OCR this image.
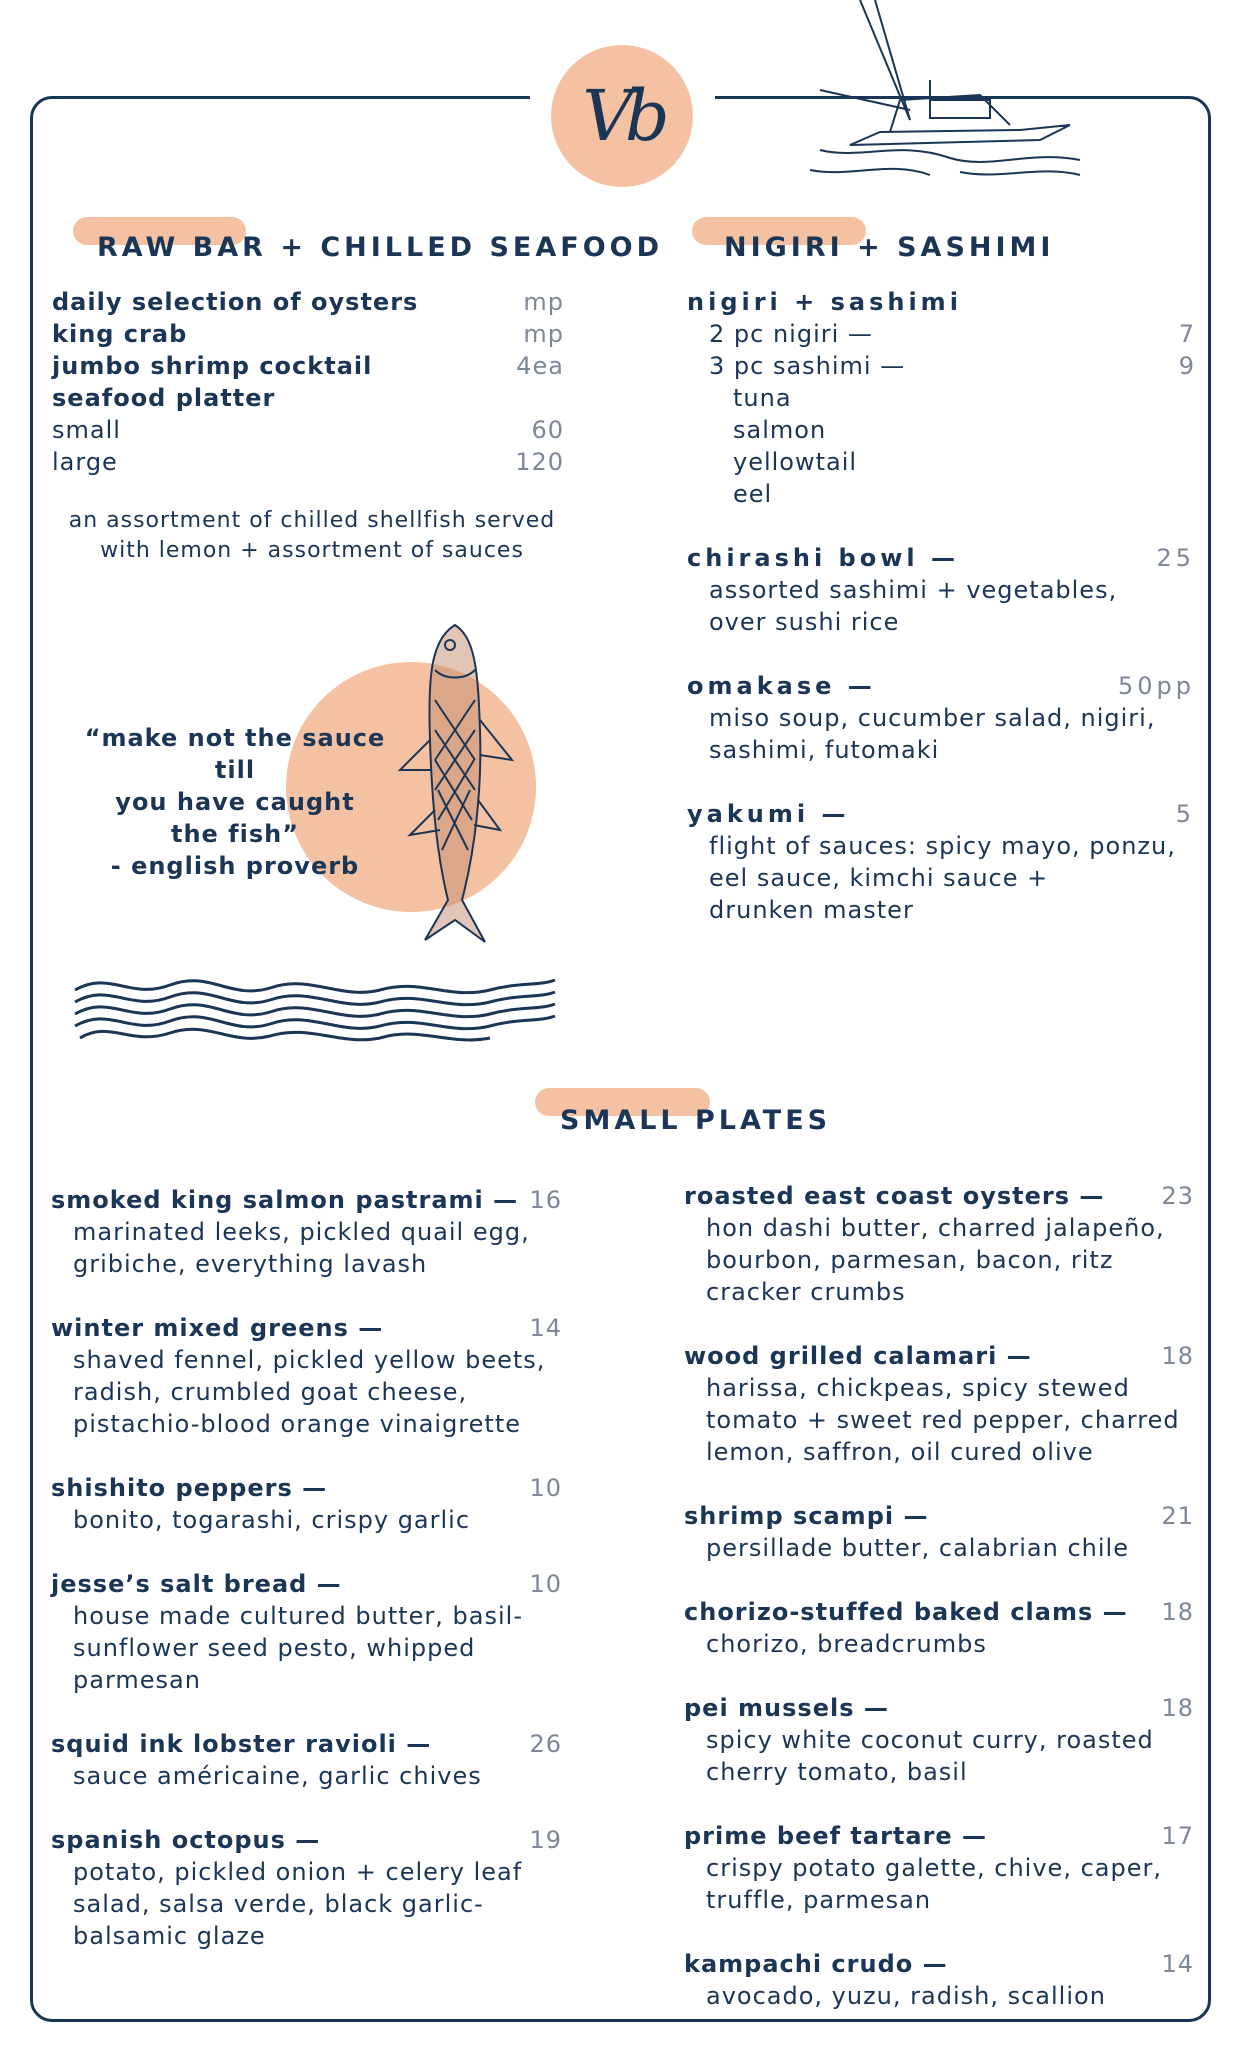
Vb
RAW BAR + CHILLED SEAFOOD
daily selection of oysters	mp
king crab	mp
jumbo shrimp cocktail	4ea
seafood platter
small	60
large	120
an assortment of chilled shellfish served
with lemon + assortment of sauces
“make not the sauce till
you have caught
the fish”
- english proverb
NIGIRI + SASHIMI
nigiri + sashimi
2 pc nigiri —	7
3 pc sashimi —	9
tuna
salmon
yellowtail
eel
chirashi bowl —	25
assorted sashimi + vegetables,
over sushi rice
omakase —	50pp
miso soup, cucumber salad, nigiri,
sashimi, futomaki
yakumi —	5
flight of sauces: spicy mayo, ponzu,
eel sauce, kimchi sauce +
drunken master
SMALL PLATES
smoked king salmon pastrami — 16
marinated leeks, pickled quail egg,
gribiche, everything lavash
winter mixed greens —	14
shaved fennel, pickled yellow beets,
radish, crumbled goat cheese,
pistachio-blood orange vinaigrette
shishito peppers —	10
bonito, togarashi, crispy garlic
jesse’s salt bread —	10
house made cultured butter, basil-
sunflower seed pesto, whipped
parmesan
squid ink lobster ravioli —	26
sauce américaine, garlic chives
spanish octopus —	19
potato, pickled onion + celery leaf
salad, salsa verde, black garlic-
balsamic glaze
roasted east coast oysters — 23
hon dashi butter, charred jalapeño,
bourbon, parmesan, bacon, ritz
cracker crumbs
wood grilled calamari —	18
harissa, chickpeas, spicy stewed
tomato + sweet red pepper, charred
lemon, saffron, oil cured olive
shrimp scampi —	21
persillade butter, calabrian chile
chorizo-stuffed baked clams — 18
chorizo, breadcrumbs
pei mussels —	18
spicy white coconut curry, roasted
cherry tomato, basil
prime beef tartare —	17
crispy potato galette, chive, caper,
truffle, parmesan
kampachi crudo —	14
avocado, yuzu, radish, scallion
